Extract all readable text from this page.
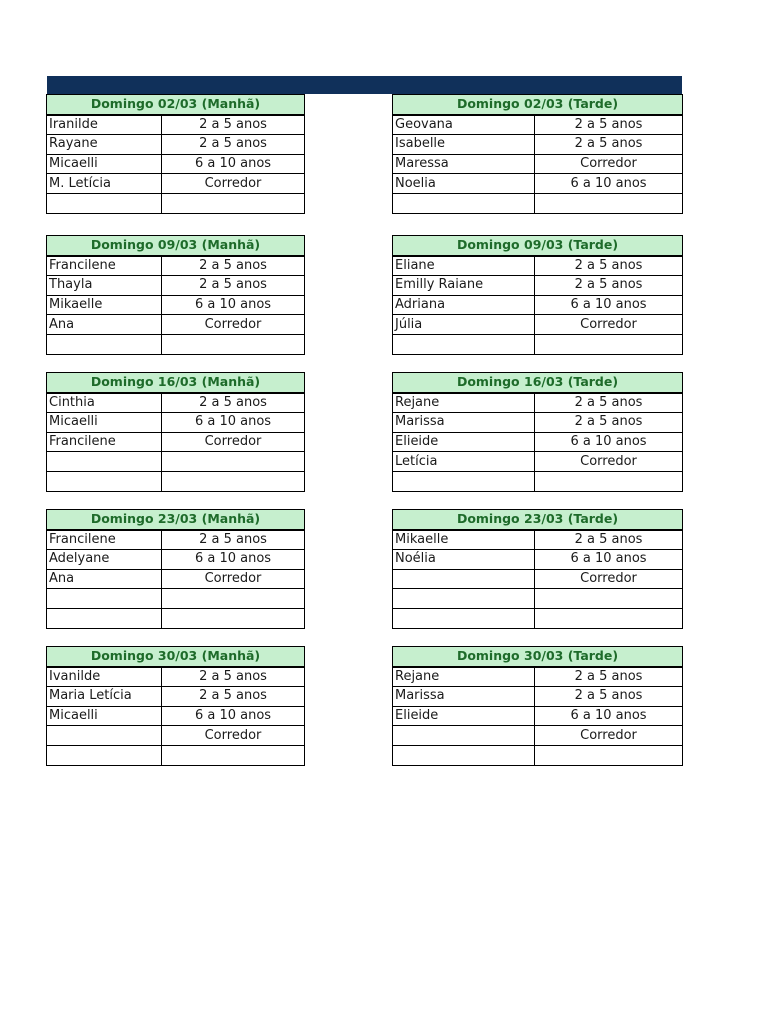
Domingo 02/03 (Manhã)	
Iranilde	2 a 5 anos
Rayane	2 a 5 anos
Micaelli	6 a 10 anos
M. Letícia	Corredor

Domingo 02/03 (Tarde)	
Geovana	2 a 5 anos
Isabelle	2 a 5 anos
Maressa	Corredor
Noelia	6 a 10 anos

Domingo 09/03 (Manhã)	
Francilene	2 a 5 anos
Thayla	2 a 5 anos
Mikaelle	6 a 10 anos
Ana	Corredor

Domingo 09/03 (Tarde)	
Eliane	2 a 5 anos
Emilly Raiane	2 a 5 anos
Adriana	6 a 10 anos
Júlia	Corredor

Domingo 16/03 (Manhã)	
Cinthia	2 a 5 anos
Micaelli	6 a 10 anos
Francilene	Corredor

Domingo 16/03 (Tarde)	
Rejane	2 a 5 anos
Marissa	2 a 5 anos
Elieide	6 a 10 anos
Letícia	Corredor

Domingo 23/03 (Manhã)	
Francilene	2 a 5 anos
Adelyane	6 a 10 anos
Ana	Corredor

Domingo 23/03 (Tarde)	
Mikaelle	2 a 5 anos
Noélia	6 a 10 anos
	Corredor

Domingo 30/03 (Manhã)	
Ivanilde	2 a 5 anos
Maria Letícia	2 a 5 anos
Micaelli	6 a 10 anos
	Corredor

Domingo 30/03 (Tarde)	
Rejane	2 a 5 anos
Marissa	2 a 5 anos
Elieide	6 a 10 anos
	Corredor
